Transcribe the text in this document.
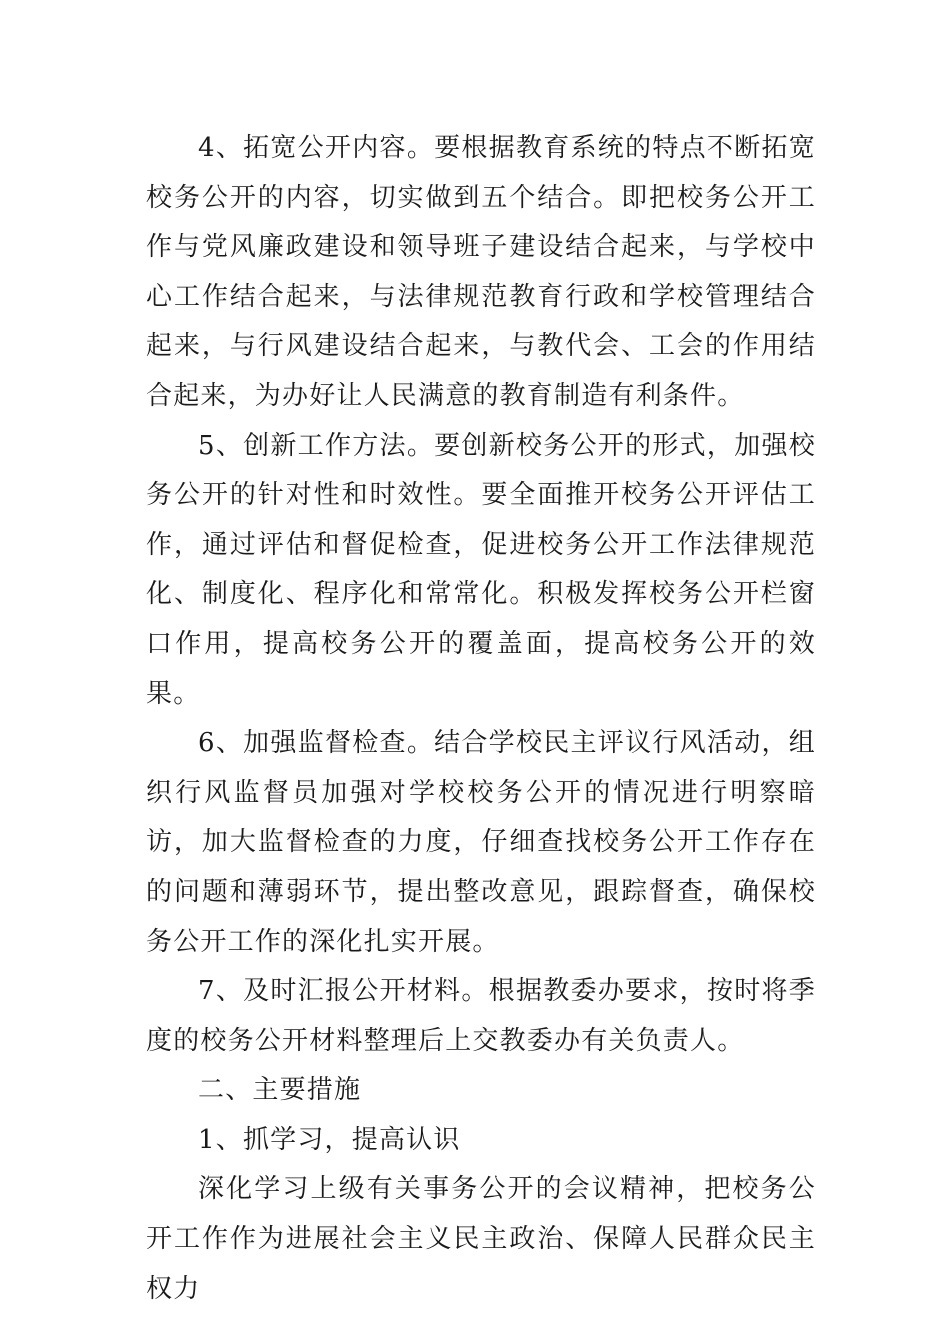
4、拓宽公开内容。要根据教育系统的特点不断拓宽校务公开的内容，切实做到五个结合。即把校务公开工作与党风廉政建设和领导班子建设结合起来，与学校中心工作结合起来，与法律规范教育行政和学校管理结合起来，与行风建设结合起来，与教代会、工会的作用结合起来，为办好让人民满意的教育制造有利条件。

5、创新工作方法。要创新校务公开的形式，加强校务公开的针对性和时效性。要全面推开校务公开评估工作，通过评估和督促检查，促进校务公开工作法律规范化、制度化、程序化和常常化。积极发挥校务公开栏窗口作用，提高校务公开的覆盖面，提高校务公开的效果。

6、加强监督检查。结合学校民主评议行风活动，组织行风监督员加强对学校校务公开的情况进行明察暗访，加大监督检查的力度，仔细查找校务公开工作存在的问题和薄弱环节，提出整改意见，跟踪督查，确保校务公开工作的深化扎实开展。

7、及时汇报公开材料。根据教委办要求，按时将季度的校务公开材料整理后上交教委办有关负责人。

二、主要措施

1、抓学习，提高认识

深化学习上级有关事务公开的会议精神，把校务公开工作作为进展社会主义民主政治、保障人民群众民主权力
